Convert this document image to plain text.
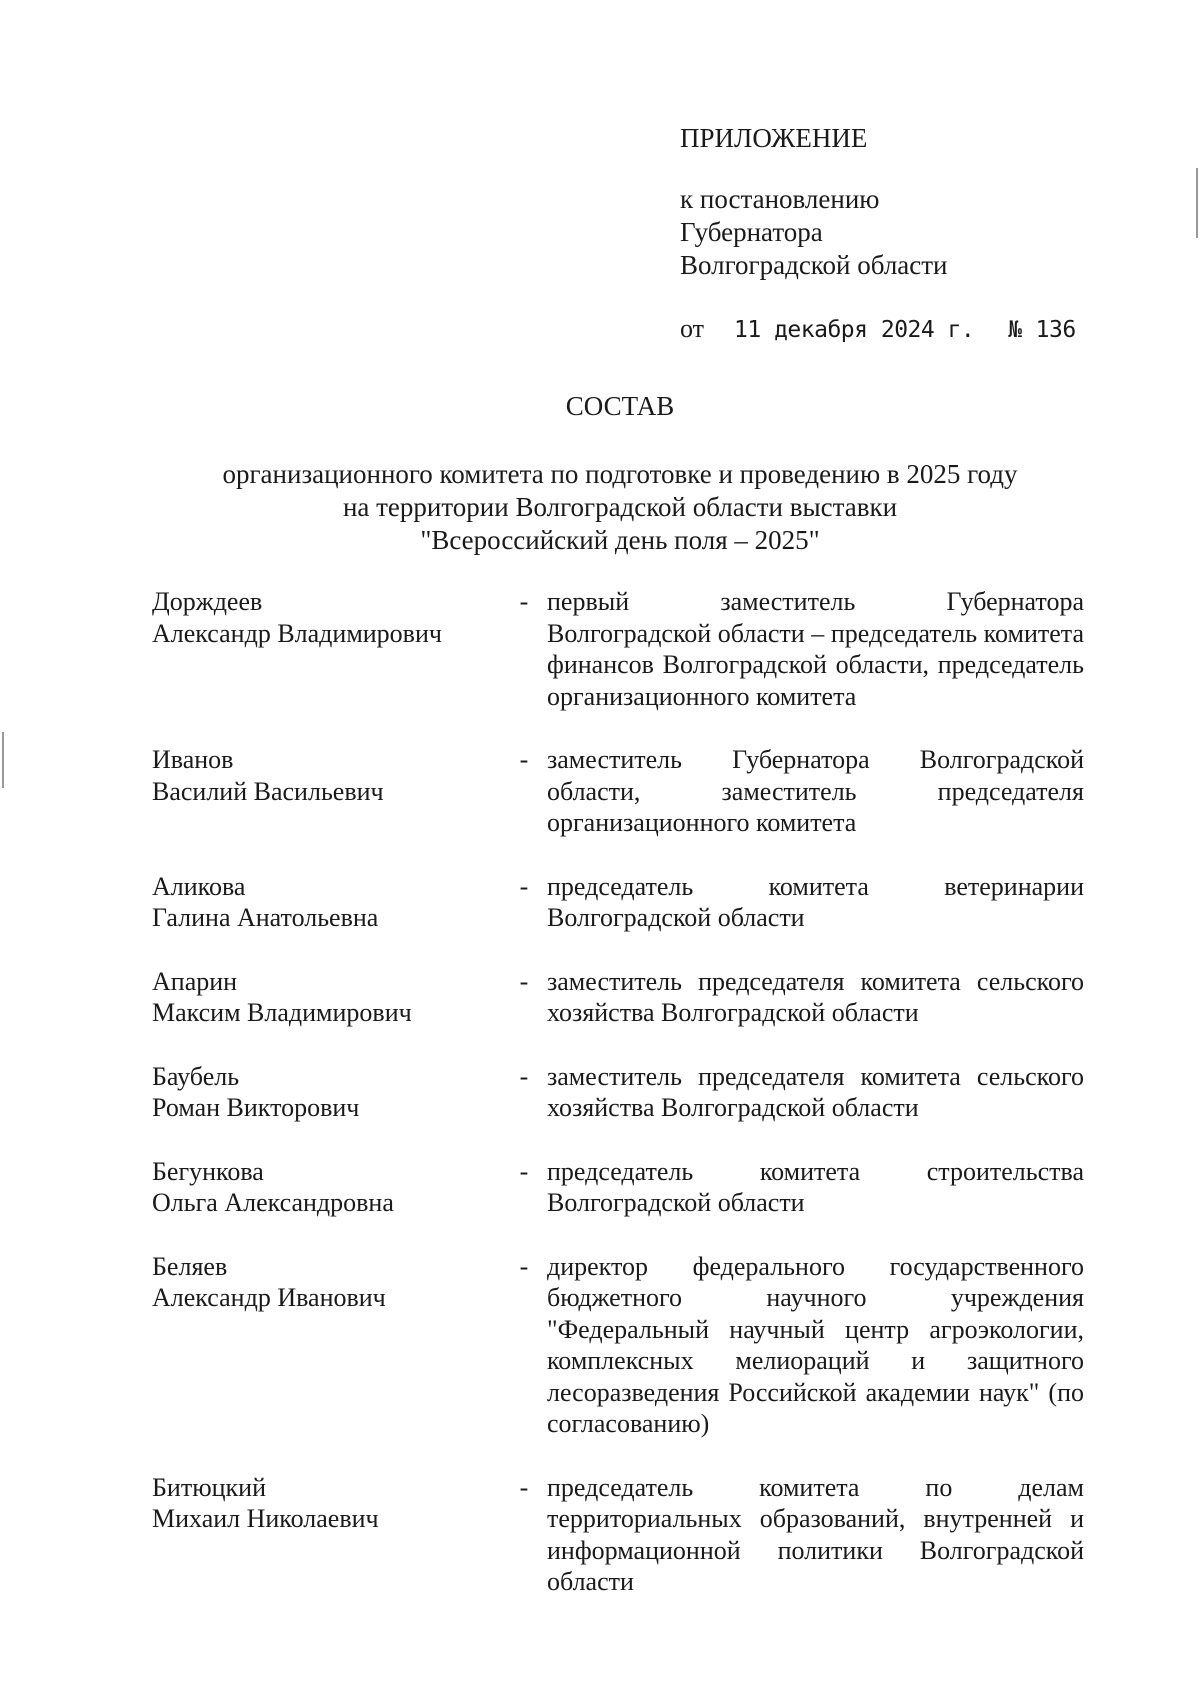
ПРИЛОЖЕНИЕ

к постановлению

Губернатора

Волгоградской области

от 11 декабря 2024 г. № 136

СОСТАВ
организационного комитета по подготовке и проведению в 2025 году
на территории Волгоградской области выставки
"Всероссийский день поля – 2025"
Дорждеев
Александр Владимирович
- первый заместитель Губернатора Волгоградской области – председатель комитета финансов Волгоградской области, председатель организационного комитета
Иванов
Василий Васильевич
- заместитель Губернатора Волгоградской области, заместитель председателя организационного комитета
Аликова
Галина Анатольевна
- председатель комитета ветеринарии Волгоградской области
Апарин
Максим Владимирович
- заместитель председателя комитета сельского хозяйства Волгоградской области
Баубель
Роман Викторович
- заместитель председателя комитета сельского хозяйства Волгоградской области
Бегункова
Ольга Александровна
- председатель комитета строительства Волгоградской области
Беляев
Александр Иванович
- директор федерального государственного бюджетного научного учреждения "Федеральный научный центр агроэкологии, комплексных мелиораций и защитного лесоразведения Российской академии наук" (по согласованию)
Битюцкий
Михаил Николаевич
- председатель комитета по делам территориальных образований, внутренней и информационной политики Волгоградской области
